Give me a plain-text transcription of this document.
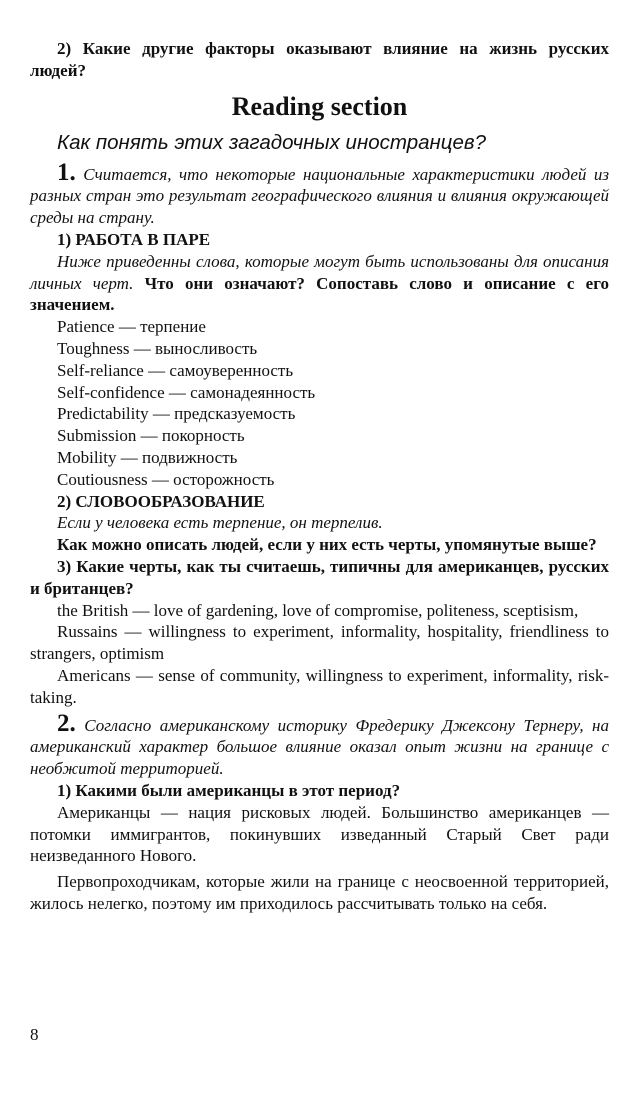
2) Какие другие факторы оказывают влияние на жизнь русских людей?

Reading section
Как понять этих загадочных иностранцев?

1. Считается, что некоторые национальные характеристики людей из разных стран это результат географического влияния и влияния окружающей среды на страну.

1) РАБОТА В ПАРЕ

Ниже приведенны слова, которые могут быть использованы для описания личных черт. Что они означают? Сопоставь слово и описание с его значением.

Patience — терпение

Toughness — выносливость

Self-reliance — самоуверенность

Self-confidence — самонадеянность

Predictability — предсказуемость

Submission — покорность

Mobility — подвижность

Coutiousness — осторожность

2) СЛОВООБРАЗОВАНИЕ

Если у человека есть терпение, он терпелив.

Как можно описать людей, если у них есть черты, упомянутые выше?

3) Какие черты, как ты считаешь, типичны для американцев, русских и британцев?

the British — love of gardening, love of compromise, politeness, sceptisism,

Russains — willingness to experiment, informality, hospitality, friendliness to strangers, optimism

Americans — sense of community, willingness to experiment, informality, risk-taking.

2. Согласно американскому историку Фредерику Джексону Тернеру, на американский характер большое влияние оказал опыт жизни на границе с необжитой территорией.

1) Какими были американцы в этот период?

Американцы — нация рисковых людей. Большинство американцев — потомки иммигрантов, покинувших изведанный Старый Свет ради неизведанного Нового.

Первопроходчикам, которые жили на границе с неосвоенной территорией, жилось нелегко, поэтому им приходилось рассчитывать только на себя.

8
